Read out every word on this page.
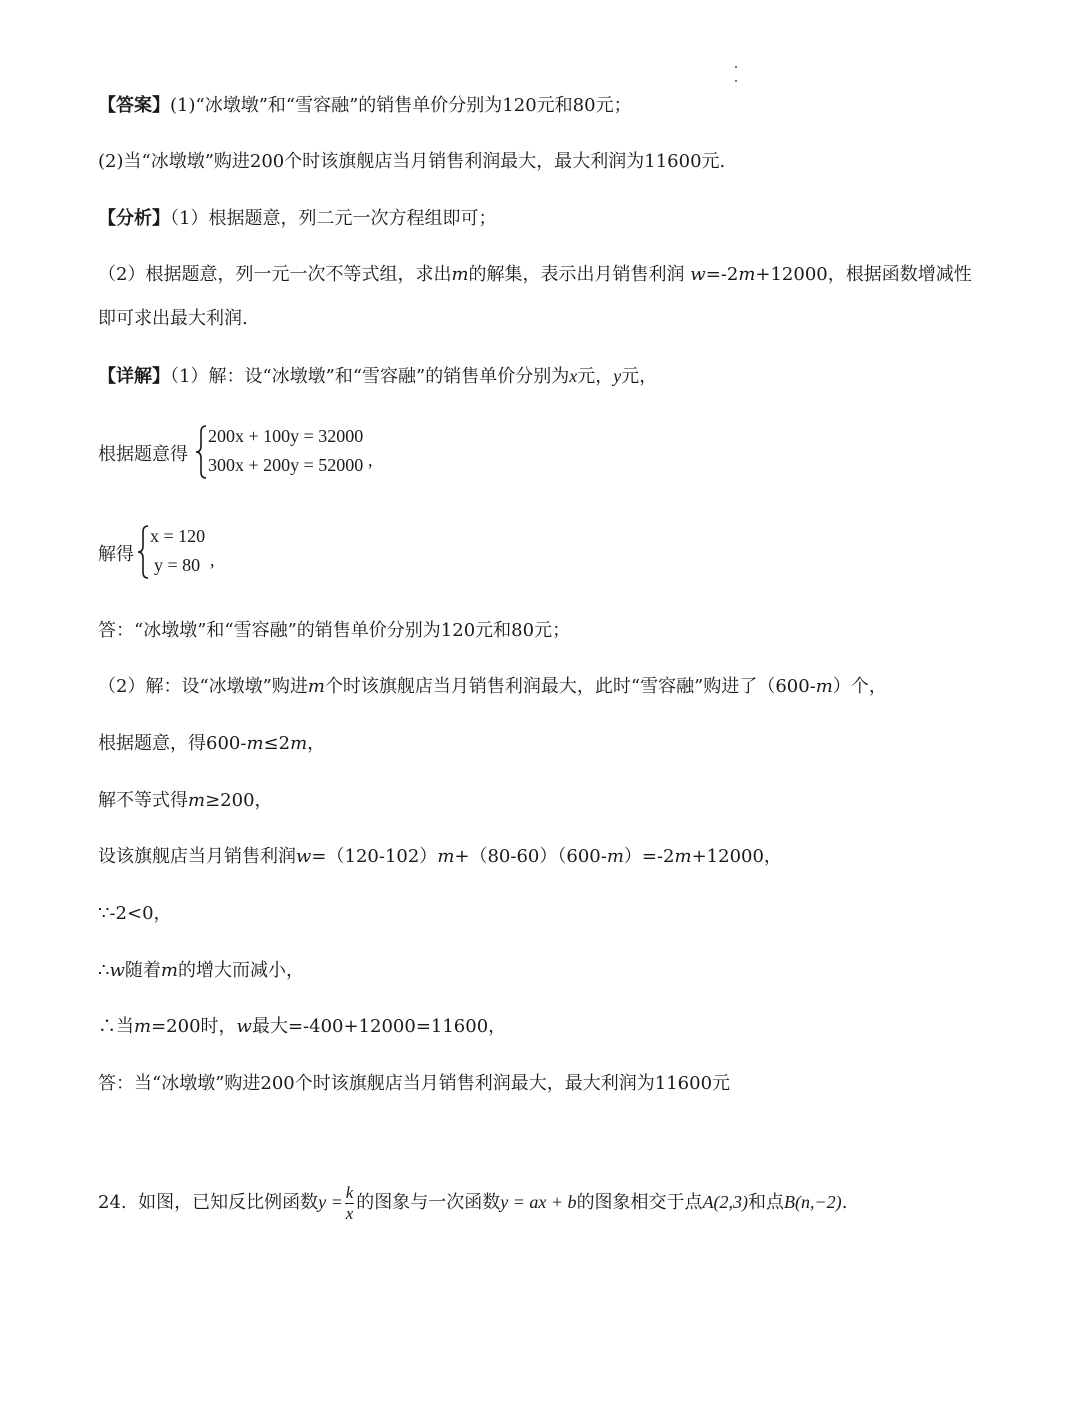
【答案】(1)“冰墩墩”和“雪容融”的销售单价分别为120元和80元；
(2)当“冰墩墩”购进200个时该旗舰店当月销售利润最大，最大利润为11600元.
【分析】（1）根据题意，列二元一次方程组即可；
（2）根据题意，列一元一次不等式组，求出m的解集，表示出月销售利润 w=-2m+12000，根据函数增减性
即可求出最大利润.
【详解】（1）解：设“冰墩墩”和“雪容融”的销售单价分别为x元，y元，
根据题意得
200x + 100y = 32000
300x + 200y = 52000 ,
解得
x = 120
y = 80 ,
答：“冰墩墩”和“雪容融”的销售单价分别为120元和80元；
（2）解：设“冰墩墩”购进m个时该旗舰店当月销售利润最大，此时“雪容融”购进了（600-m）个，
根据题意，得600-m≤2m，
解不等式得m≥200，
设该旗舰店当月销售利润w=（120-102）m+（80-60）（600-m）=-2m+12000，
∵-2<0，
∴w随着m的增大而减小，
∴当m=200时，w最大=-400+12000=11600，
答：当“冰墩墩”购进200个时该旗舰店当月销售利润最大，最大利润为11600元
24. 如图，已知反比例函数$y = \frac{k}{x}$ 的图象与一次函数y = ax + b的图象相交于点A(2,3)和点B(n,−2).
